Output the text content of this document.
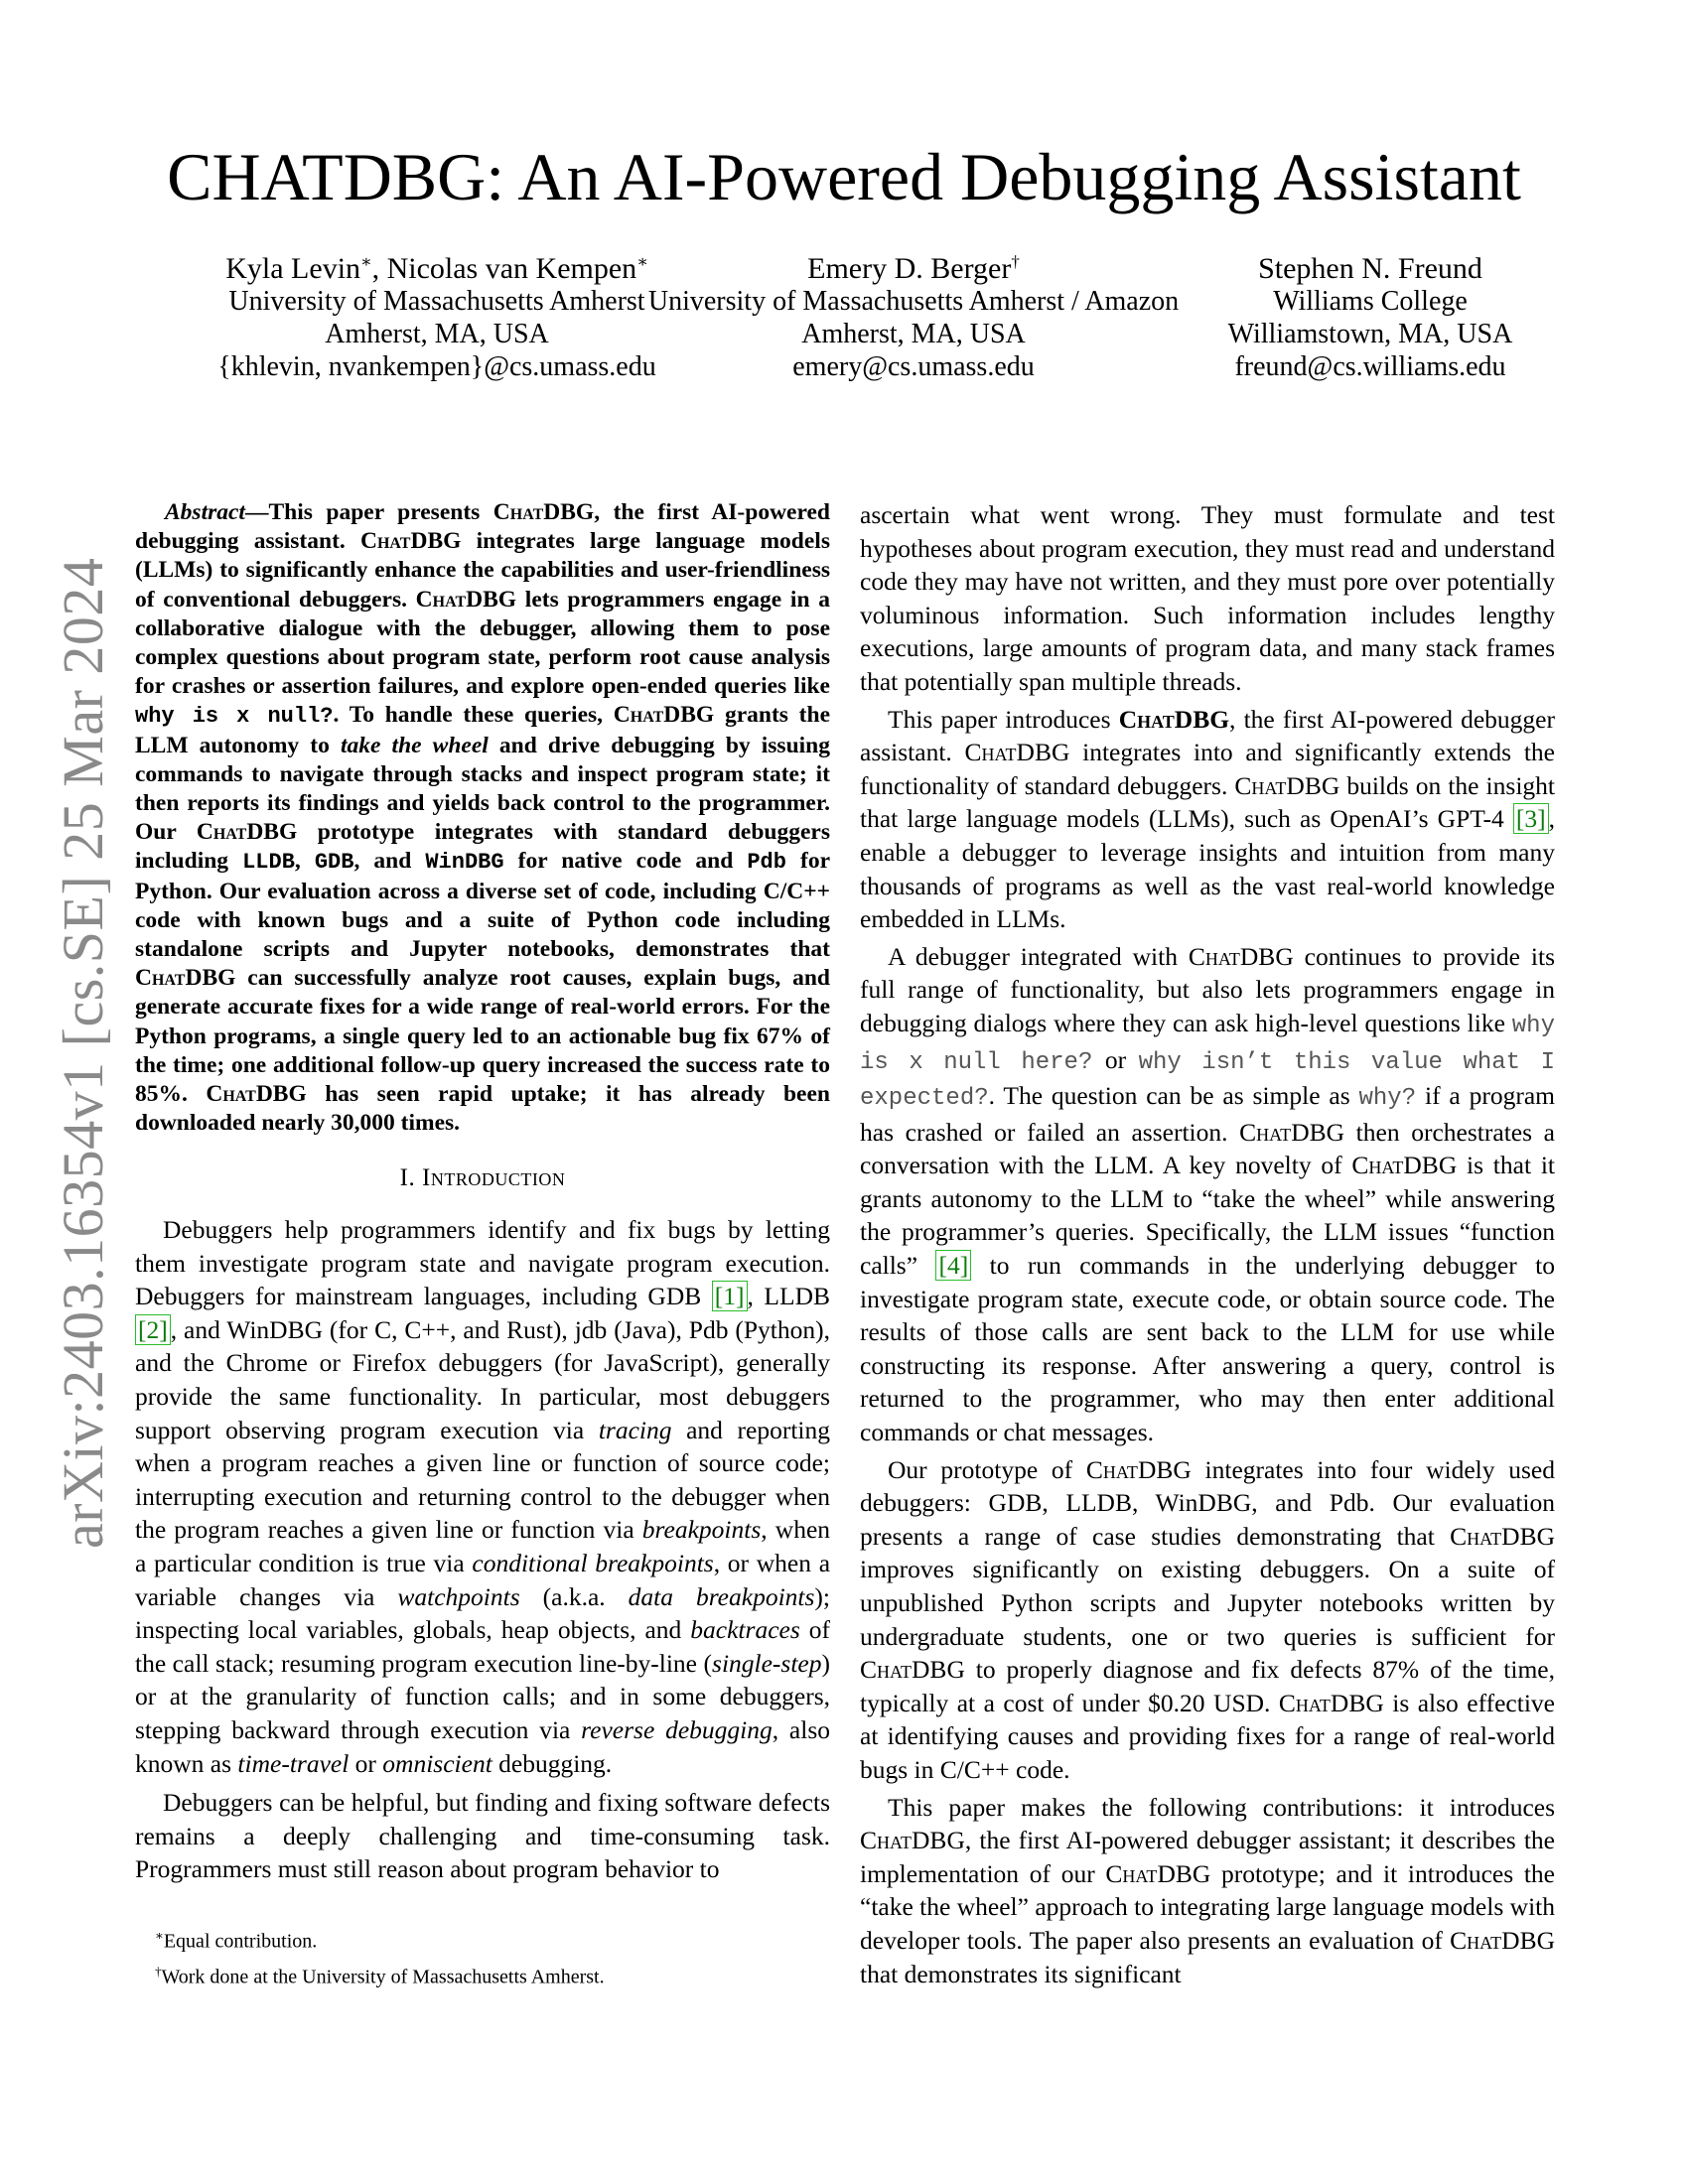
CHATDBG: An AI-Powered Debugging Assistant
Kyla Levin∗, Nicolas van Kempen∗
University of Massachusetts Amherst
Amherst, MA, USA
{khlevin, nvankempen}@cs.umass.edu
Emery D. Berger†
University of Massachusetts Amherst / Amazon
Amherst, MA, USA
emery@cs.umass.edu
Stephen N. Freund
Williams College
Williamstown, MA, USA
freund@cs.williams.edu
arXiv:2403.16354v1 [cs.SE] 25 Mar 2024

Abstract—This paper presents ChatDBG, the first AI-powered debugging assistant. ChatDBG integrates large language models (LLMs) to significantly enhance the capabilities and user-friendliness of conventional debuggers. ChatDBG lets programmers engage in a collaborative dialogue with the debugger, allowing them to pose complex questions about program state, perform root cause analysis for crashes or assertion failures, and explore open-ended queries like why is x null?. To handle these queries, ChatDBG grants the LLM autonomy to take the wheel and drive debugging by issuing commands to navigate through stacks and inspect program state; it then reports its findings and yields back control to the programmer. Our ChatDBG prototype integrates with standard debuggers including LLDB, GDB, and WinDBG for native code and Pdb for Python. Our evaluation across a diverse set of code, including C/C++ code with known bugs and a suite of Python code including standalone scripts and Jupyter notebooks, demonstrates that ChatDBG can successfully analyze root causes, explain bugs, and generate accurate fixes for a wide range of real-world errors. For the Python programs, a single query led to an actionable bug fix 67% of the time; one additional follow-up query increased the success rate to 85%. ChatDBG has seen rapid uptake; it has already been downloaded nearly 30,000 times.

I. Introduction

Debuggers help programmers identify and fix bugs by letting them investigate program state and navigate program execution. Debuggers for mainstream languages, including GDB [1] , LLDB [2] , and WinDBG (for C, C++, and Rust), jdb (Java), Pdb (Python), and the Chrome or Firefox debuggers (for JavaScript), generally provide the same functionality. In particular, most debuggers support observing program execution via tracing and reporting when a program reaches a given line or function of source code; interrupting execution and returning control to the debugger when the program reaches a given line or function via breakpoints, when a particular condition is true via conditional breakpoints, or when a variable changes via watchpoints (a.k.a. data breakpoints); inspecting local variables, globals, heap objects, and backtraces of the call stack; resuming program execution line-by-line (single-step) or at the granularity of function calls; and in some debuggers, stepping backward through execution via reverse debugging, also known as time-travel or omniscient debugging.

Debuggers can be helpful, but finding and fixing software defects remains a deeply challenging and time-consuming task. Programmers must still reason about program behavior to

ascertain what went wrong. They must formulate and test hypotheses about program execution, they must read and understand code they may have not written, and they must pore over potentially voluminous information. Such information includes lengthy executions, large amounts of program data, and many stack frames that potentially span multiple threads.

This paper introduces ChatDBG, the first AI-powered debugger assistant. ChatDBG integrates into and significantly extends the functionality of standard debuggers. ChatDBG builds on the insight that large language models (LLMs), such as OpenAI’s GPT-4 [3] , enable a debugger to leverage insights and intuition from many thousands of programs as well as the vast real-world knowledge embedded in LLMs.

A debugger integrated with ChatDBG continues to provide its full range of functionality, but also lets programmers engage in debugging dialogs where they can ask high-level questions like why is x null here? or why isn’t this value what I expected?. The question can be as simple as why? if a program has crashed or failed an assertion. ChatDBG then orchestrates a conversation with the LLM. A key novelty of ChatDBG is that it grants autonomy to the LLM to “take the wheel” while answering the programmer’s queries. Specifically, the LLM issues “function calls” [4] to run commands in the underlying debugger to investigate program state, execute code, or obtain source code. The results of those calls are sent back to the LLM for use while constructing its response. After answering a query, control is returned to the programmer, who may then enter additional commands or chat messages.

Our prototype of ChatDBG integrates into four widely used debuggers: GDB, LLDB, WinDBG, and Pdb. Our evaluation presents a range of case studies demonstrating that ChatDBG improves significantly on existing debuggers. On a suite of unpublished Python scripts and Jupyter notebooks written by undergraduate students, one or two queries is sufficient for ChatDBG to properly diagnose and fix defects 87% of the time, typically at a cost of under $0.20 USD. ChatDBG is also effective at identifying causes and providing fixes for a range of real-world bugs in C/C++ code.

This paper makes the following contributions: it introduces ChatDBG, the first AI-powered debugger assistant; it describes the implementation of our ChatDBG prototype; and it introduces the “take the wheel” approach to integrating large language models with developer tools. The paper also presents an evaluation of ChatDBG that demonstrates its significant

∗Equal contribution.
†Work done at the University of Massachusetts Amherst.
